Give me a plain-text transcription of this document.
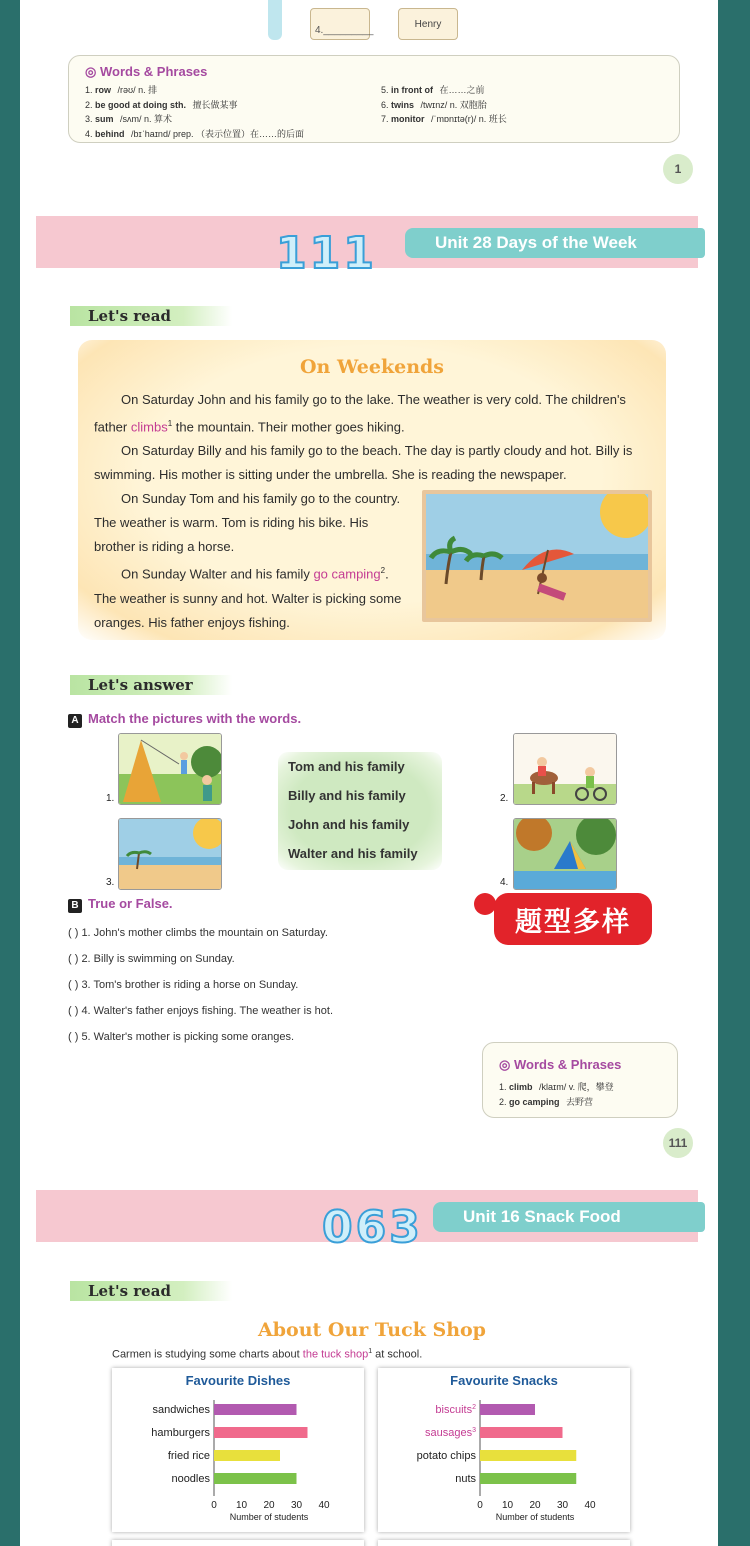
4._________
Henry
◎ Words & Phrases
1. row /rəʊ/ n. 排
2. be good at doing sth. 擅长做某事
3. sum /sʌm/ n. 算术
4. behind /bɪˈhaɪnd/ prep. （表示位置）在……的后面
5. in front of 在……之前
6. twins /twɪnz/ n. 双胞胎
7. monitor /ˈmɒnɪtə(r)/ n. 班长
1
111	Unit 28 Days of the Week
Let's read
On Weekends
On Saturday John and his family go to the lake. The weather is very cold. The children's
father climbs$^1$ the mountain. Their mother goes hiking.
On Saturday Billy and his family go to the beach. The day is partly cloudy and hot. Billy is
swimming. His mother is sitting under the umbrella. She is reading the newspaper.
On Sunday Tom and his family go to the country.
The weather is warm. Tom is riding his bike. His
brother is riding a horse.
On Sunday Walter and his family go camping$^2$.
The weather is sunny and hot. Walter is picking some
oranges. His father enjoys fishing.
Let's answer
A Match the pictures with the words.
1.	2.
3.	4.
Tom and his family
Billy and his family
John and his family
Walter and his family
B True or False.
( ) 1. John's mother climbs the mountain on Saturday.
( ) 2. Billy is swimming on Sunday.
( ) 3. Tom's brother is riding a horse on Sunday.
( ) 4. Walter's father enjoys fishing. The weather is hot.
( ) 5. Walter's mother is picking some oranges.
题型多样
◎ Words & Phrases
1. climb /klaɪm/ v. 爬，攀登
2. go camping 去野营
111
063	Unit 16 Snack Food
Let's read
About Our Tuck Shop
Carmen is studying some charts about the tuck shop$^1$ at school.
Favourite Dishes
sandwiches
hamburgers
fried rice
noodles
0 10 20 30 40
Number of students
Favourite Snacks
biscuits$^2$
sausages$^3$
potato chips
nuts
0 10 20 30 40
Number of students
